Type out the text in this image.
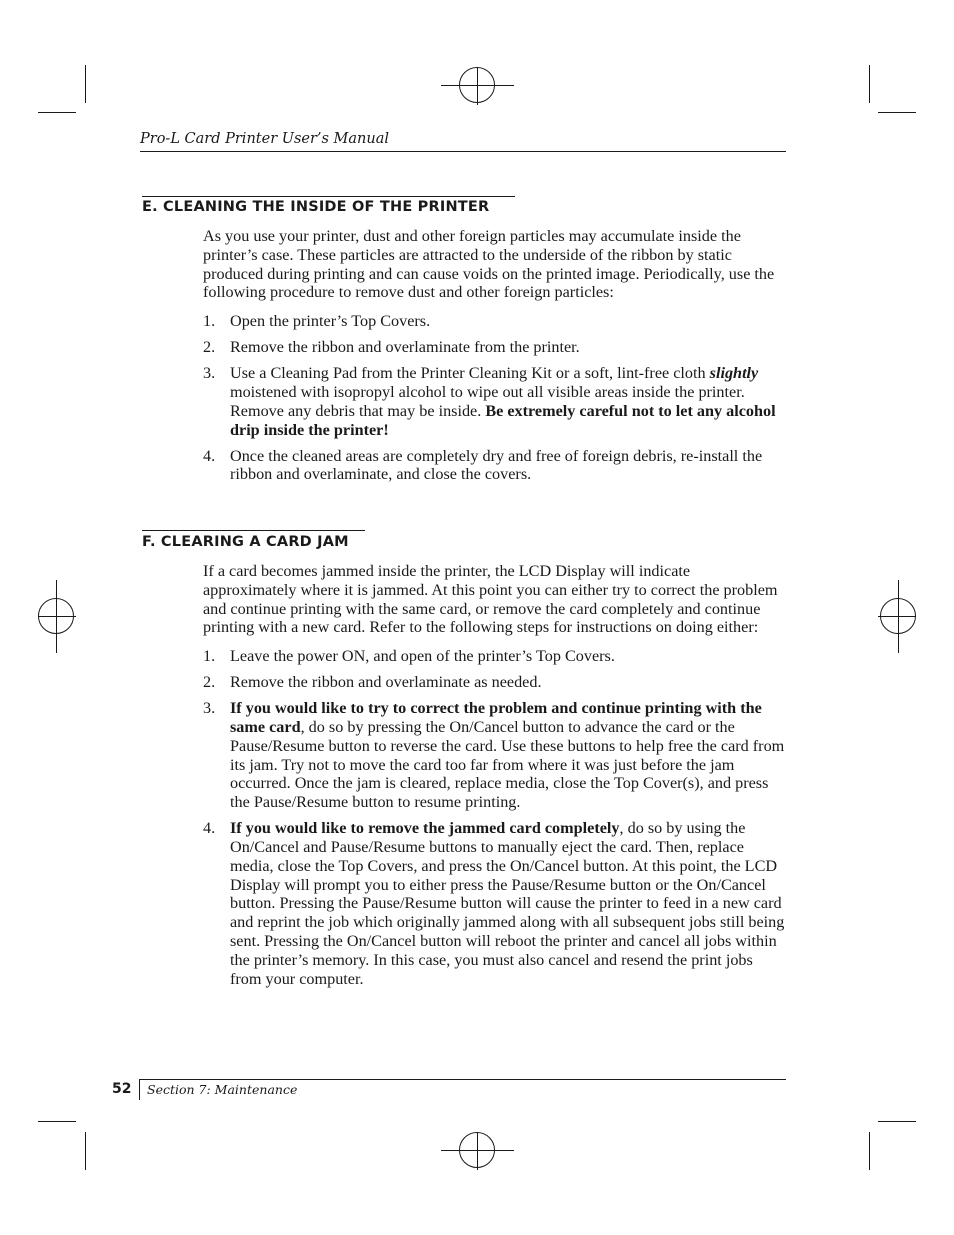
Pro-L Card Printer User’s Manual
E. CLEANING THE INSIDE OF THE PRINTER

As you use your printer, dust and other foreign particles may accumulate inside the printer’s case. These particles are attracted to the underside of the ribbon by static produced during printing and can cause voids on the printed image. Periodically, use the following procedure to remove dust and other foreign particles:

1. Open the printer’s Top Covers.
2. Remove the ribbon and overlaminate from the printer.
3. Use a Cleaning Pad from the Printer Cleaning Kit or a soft, lint-free cloth slightly moistened with isopropyl alcohol to wipe out all visible areas inside the printer. Remove any debris that may be inside. Be extremely careful not to let any alcohol drip inside the printer!
4. Once the cleaned areas are completely dry and free of foreign debris, re-install the ribbon and overlaminate, and close the covers.
F. CLEARING A CARD JAM

If a card becomes jammed inside the printer, the LCD Display will indicate approximately where it is jammed. At this point you can either try to correct the problem and continue printing with the same card, or remove the card completely and continue printing with a new card. Refer to the following steps for instructions on doing either:

1. Leave the power ON, and open of the printer’s Top Covers.
2. Remove the ribbon and overlaminate as needed.
3. If you would like to try to correct the problem and continue printing with the same card, do so by pressing the On/Cancel button to advance the card or the Pause/Resume button to reverse the card. Use these buttons to help free the card from its jam. Try not to move the card too far from where it was just before the jam occurred. Once the jam is cleared, replace media, close the Top Cover(s), and press the Pause/Resume button to resume printing.
4. If you would like to remove the jammed card completely, do so by using the On/Cancel and Pause/Resume buttons to manually eject the card. Then, replace media, close the Top Covers, and press the On/Cancel button. At this point, the LCD Display will prompt you to either press the Pause/Resume button or the On/Cancel button. Pressing the Pause/Resume button will cause the printer to feed in a new card and reprint the job which originally jammed along with all subsequent jobs still being sent. Pressing the On/Cancel button will reboot the printer and cancel all jobs within the printer’s memory. In this case, you must also cancel and resend the print jobs from your computer.
52 Section 7: Maintenance
